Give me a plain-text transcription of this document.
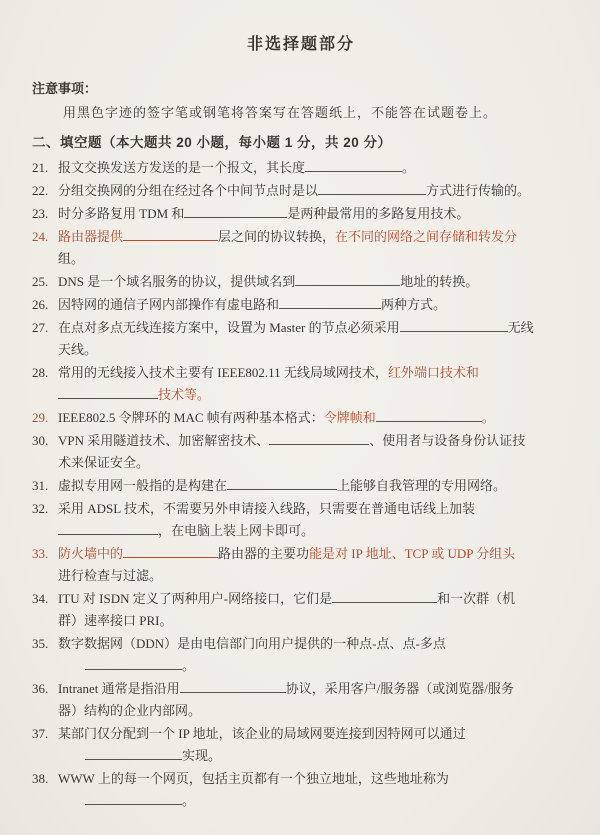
非选择题部分

注意事项：

用黑色字迹的签字笔或钢笔将答案写在答题纸上，不能答在试题卷上。

二、填空题（本大题共 20 小题，每小题 1 分，共 20 分）

21. 报文交换发送方发送的是一个报文，其长度	。
22. 分组交换网的分组在经过各个中间节点时是以	方式进行传输的。
23. 时分多路复用 TDM 和	是两种最常用的多路复用技术。
24. 路由器提供	层之间的协议转换，在不同的网络之间存储和转发分
组。
25. DNS 是一个域名服务的协议，提供域名到	地址的转换。
26. 因特网的通信子网内部操作有虚电路和	两种方式。
27. 在点对多点无线连接方案中，设置为 Master 的节点必须采用	无线
天线。
28. 常用的无线接入技术主要有 IEEE802.11 无线局域网技术，红外端口技术和
技术等。
29. IEEE802.5 令牌环的 MAC 帧有两种基本格式：令牌帧和	。
30. VPN 采用隧道技术、加密解密技术、	、使用者与设备身份认证技
术来保证安全。
31. 虚拟专用网一般指的是构建在	上能够自我管理的专用网络。
32. 采用 ADSL 技术，不需要另外申请接入线路，只需要在普通电话线上加装
，在电脑上装上网卡即可。
33. 防火墙中的	路由器的主要功能是对 IP 地址、TCP 或 UDP 分组头
进行检查与过滤。
34. ITU 对 ISDN 定义了两种用户-网络接口，它们是	和一次群（机
群）速率接口 PRI。
35. 数字数据网（DDN）是由电信部门向用户提供的一种点-点、点-多点
。
36. Intranet 通常是指沿用	协议，采用客户/服务器（或浏览器/服务
器）结构的企业内部网。
37. 某部门仅分配到一个 IP 地址，该企业的局域网要连接到因特网可以通过
实现。
38. WWW 上的每一个网页，包括主页都有一个独立地址，这些地址称为
。
